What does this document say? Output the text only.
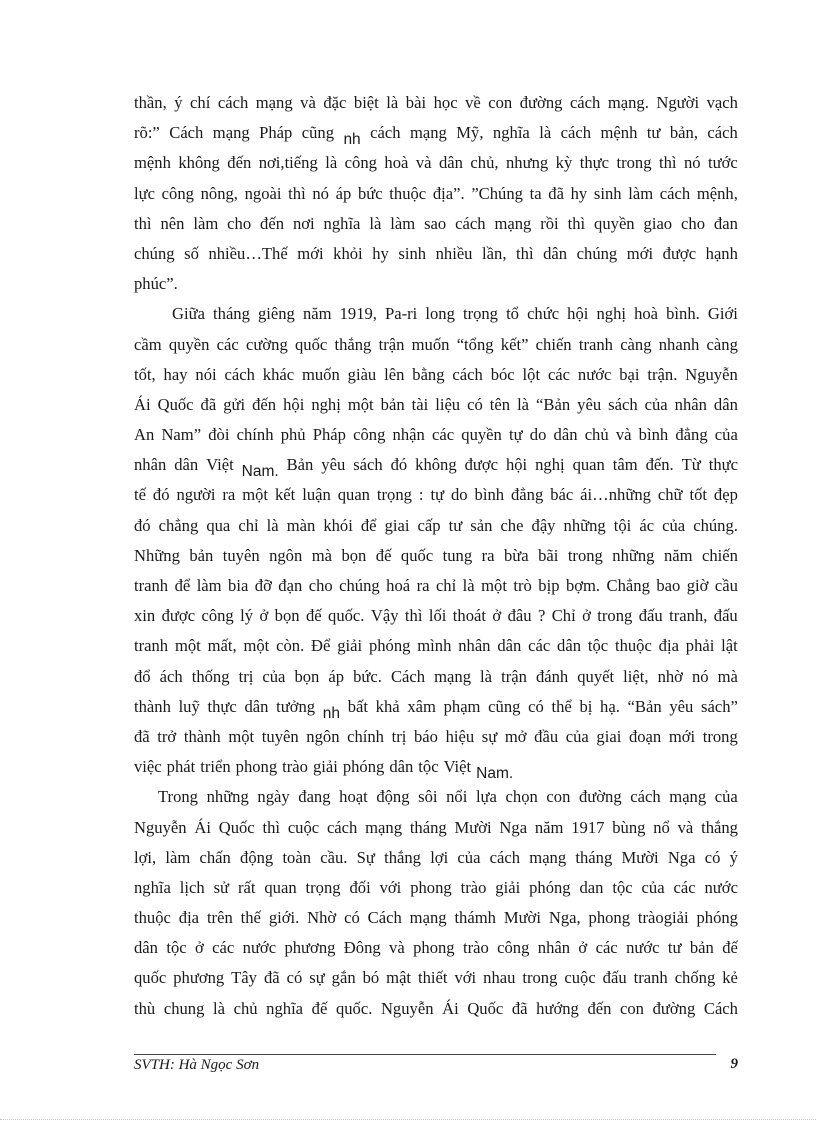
thần, ý chí cách mạng và đặc biệt là bài học về con đường cách mạng. Người vạch
rõ:” Cách mạng Pháp cũng nh cách mạng Mỹ, nghĩa là cách mệnh tư bản, cách
mệnh không đến nơi,tiếng là công hoà và dân chủ, nhưng kỳ thực trong thì nó tước
lực công nông, ngoài thì nó áp bức thuộc địa”. ”Chúng ta đã hy sinh làm cách mệnh,
thì nên làm cho đến nơi nghĩa là làm sao cách mạng rồi thì quyền giao cho đan
chúng số nhiều…Thế mới khỏi hy sinh nhiều lần, thì dân chúng mới được hạnh
phúc”.
Giữa tháng giêng năm 1919, Pa-ri long trọng tổ chức hội nghị hoà bình. Giới
cầm quyền các cường quốc thắng trận muốn “tổng kết” chiến tranh càng nhanh càng
tốt, hay nói cách khác muốn giàu lên bằng cách bóc lột các nước bại trận. Nguyễn
Ái Quốc đã gửi đến hội nghị một bản tài liệu có tên là “Bản yêu sách của nhân dân
An Nam” đòi chính phủ Pháp công nhận các quyền tự do dân chủ và bình đẳng của
nhân dân Việt Nam. Bản yêu sách đó không được hội nghị quan tâm đến. Từ thực
tế đó người ra một kết luận quan trọng : tự do bình đẳng bác ái…những chữ tốt đẹp
đó chẳng qua chỉ là màn khói để giai cấp tư sản che đậy những tội ác của chúng.
Những bản tuyên ngôn mà bọn đế quốc tung ra bừa bãi trong những năm chiến
tranh để làm bia đỡ đạn cho chúng hoá ra chỉ là một trò bịp bợm. Chẳng bao giờ cầu
xin được công lý ở bọn đế quốc. Vậy thì lối thoát ở đâu ? Chỉ ở trong đấu tranh, đấu
tranh một mất, một còn. Để giải phóng mình nhân dân các dân tộc thuộc địa phải lật
đổ ách thống trị của bọn áp bức. Cách mạng là trận đánh quyết liệt, nhờ nó mà
thành luỹ thực dân tưởng nh bất khả xâm phạm cũng có thể bị hạ. “Bản yêu sách”
đã trở thành một tuyên ngôn chính trị báo hiệu sự mở đầu của giai đoạn mới trong
việc phát triển phong trào giải phóng dân tộc Việt Nam.
Trong những ngày đang hoạt động sôi nổi lựa chọn con đường cách mạng của
Nguyễn Ái Quốc thì cuộc cách mạng tháng Mười Nga năm 1917 bùng nổ và thắng
lợi, làm chấn động toàn cầu. Sự thắng lợi của cách mạng tháng Mười Nga có ý
nghĩa lịch sử rất quan trọng đối với phong trào giải phóng dan tộc của các nước
thuộc địa trên thế giới. Nhờ có Cách mạng thámh Mười Nga, phong tràogiải phóng
dân tộc ở các nước phương Đông và phong trào công nhân ở các nước tư bản đế
quốc phương Tây đã có sự gắn bó mật thiết với nhau trong cuộc đấu tranh chống kẻ
thù chung là chủ nghĩa đế quốc. Nguyễn Ái Quốc đã hướng đến con đường Cách
SVTH: Hà Ngọc Sơn	9
